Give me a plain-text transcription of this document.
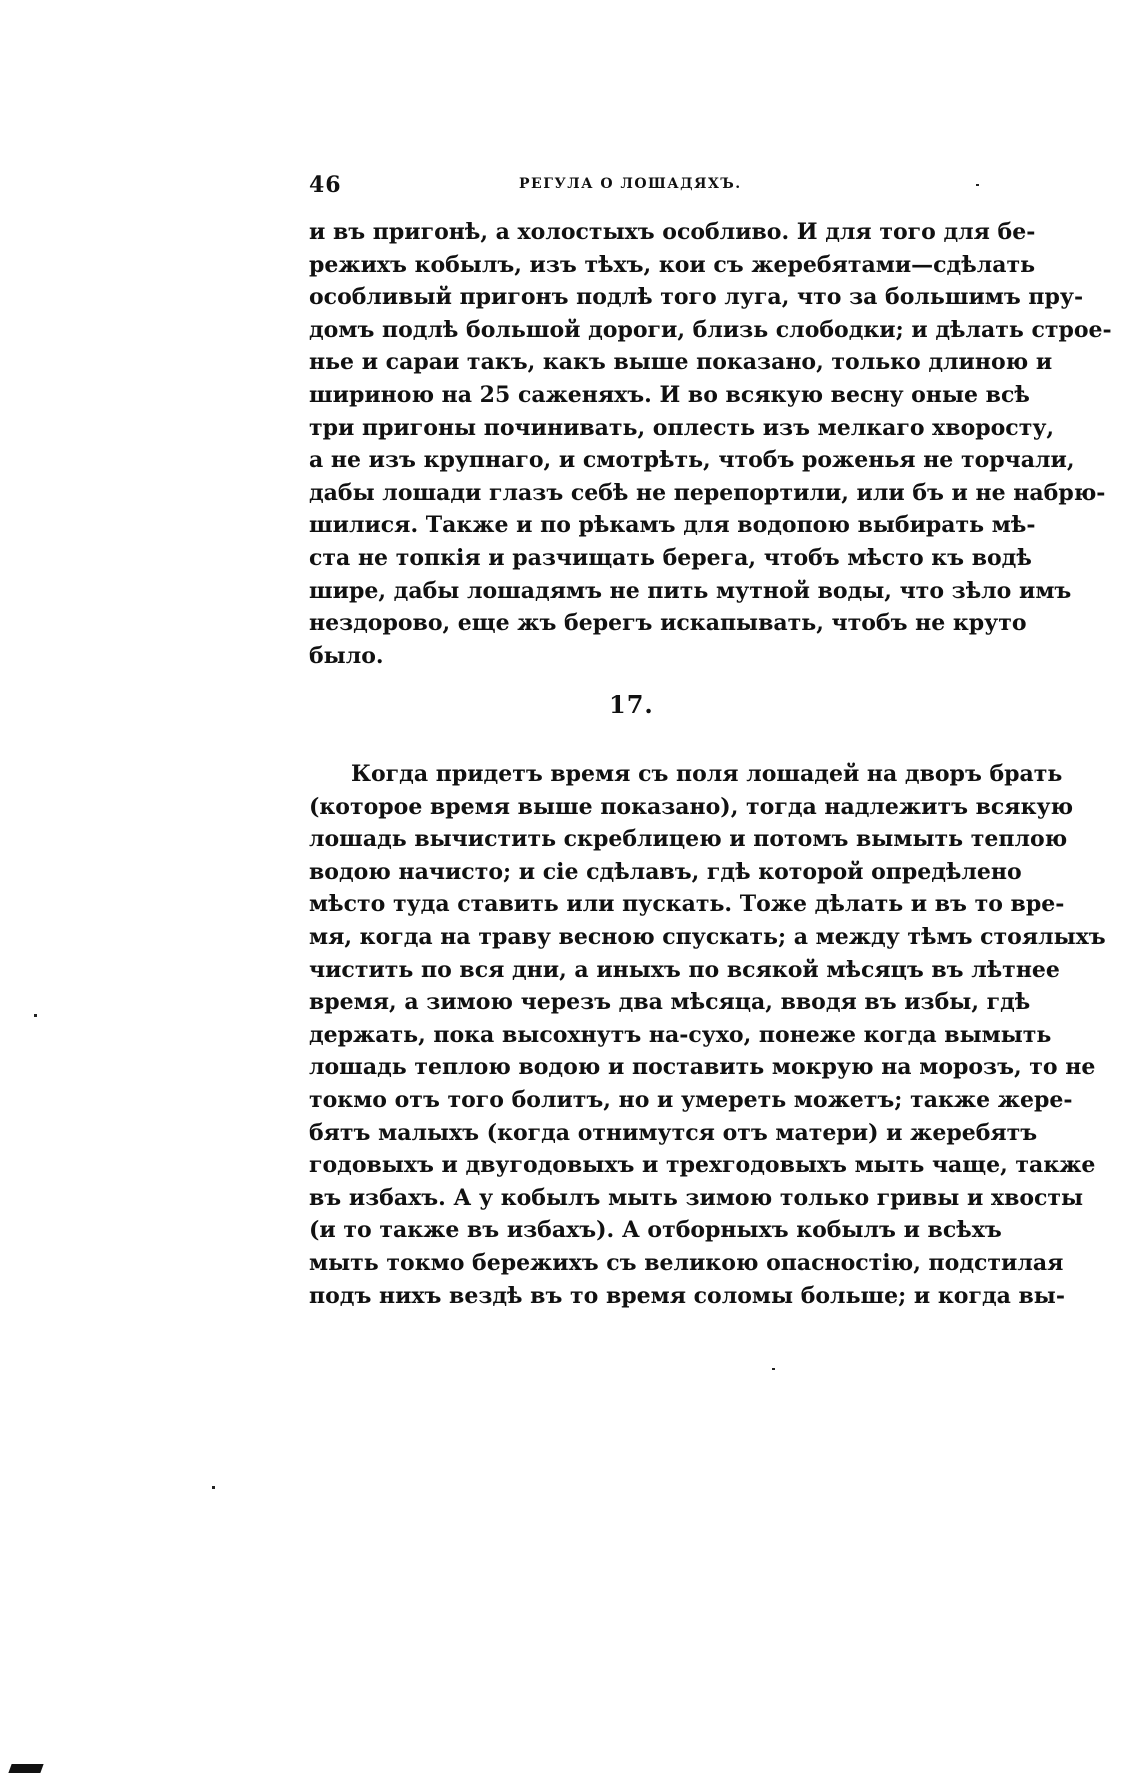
46	РЕГУЛА О ЛОШАДЯХЪ.
и въ пригонѣ, а холостыхъ особливо. И для того для бе-
режихъ кобылъ, изъ тѣхъ, кои съ жеребятами—сдѣлать
особливый пригонъ подлѣ того луга, что за большимъ пру-
домъ подлѣ большой дороги, близь слободки; и дѣлать строе-
нье и сараи такъ, какъ выше показано, только длиною и
шириною на 25 саженяхъ. И во всякую весну оные всѣ
три пригоны починивать, оплесть изъ мелкаго хворосту,
а не изъ крупнаго, и смотрѣть, чтобъ роженья не торчали,
дабы лошади глазъ себѣ не перепортили, или бъ и не набрю-
шилися. Также и по рѣкамъ для водопою выбирать мѣ-
ста не топкія и разчищать берега, чтобъ мѣсто къ водѣ
шире, дабы лошадямъ не пить мутной воды, что зѣло имъ
нездорово, еще жъ берегъ искапывать, чтобъ не круто
было.
17.
Когда придетъ время съ поля лошадей на дворъ брать
(которое время выше показано), тогда надлежитъ всякую
лошадь вычистить скреблицею и потомъ вымыть теплою
водою начисто; и сіе сдѣлавъ, гдѣ которой опредѣлено
мѣсто туда ставить или пускать. Тоже дѣлать и въ то вре-
мя, когда на траву весною спускать; а между тѣмъ стоялыхъ
чистить по вся дни, а иныхъ по всякой мѣсяцъ въ лѣтнее
время, а зимою черезъ два мѣсяца, вводя въ избы, гдѣ
держать, пока высохнутъ на-сухо, понеже когда вымыть
лошадь теплою водою и поставить мокрую на морозъ, то не
токмо отъ того болитъ, но и умереть можетъ; также жере-
бятъ малыхъ (когда отнимутся отъ матери) и жеребятъ
годовыхъ и двугодовыхъ и трехгодовыхъ мыть чаще, также
въ избахъ. А у кобылъ мыть зимою только гривы и хвосты
(и то также въ избахъ). А отборныхъ кобылъ и всѣхъ
мыть токмо бережихъ съ великою опасностію, подстилая
подъ нихъ вездѣ въ то время соломы больше; и когда вы-
